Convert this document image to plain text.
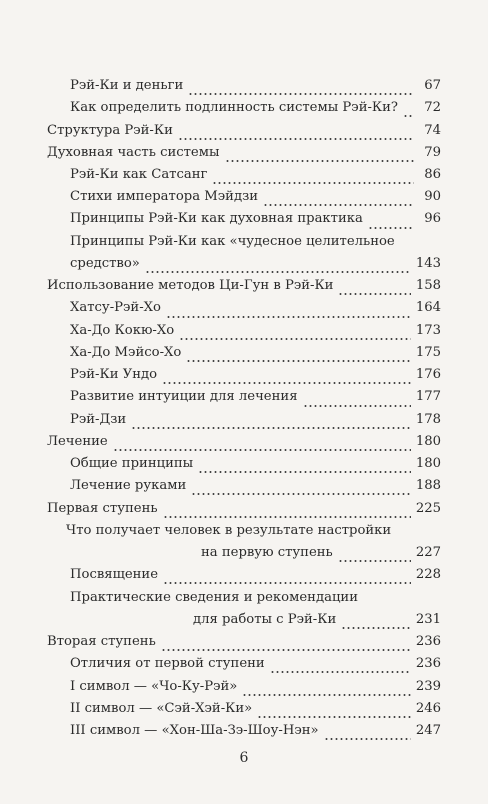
Рэй-Ки и деньги	67
Как определить подлинность системы Рэй-Ки?	72
Структура Рэй-Ки	74
Духовная часть системы	79
Рэй-Ки как Сатсанг	86
Стихи императора Мэйдзи	90
Принципы Рэй-Ки как духовная практика	96
Принципы Рэй-Ки как «чудесное целительное
средство»	143
Использование методов Ци-Гун в Рэй-Ки	158
Хатсу-Рэй-Хо	164
Ха-До Кокю-Хо	173
Ха-До Мэйсо-Хо	175
Рэй-Ки Ундо	176
Развитие интуиции для лечения	177
Рэй-Дзи	178
Лечение	180
Общие принципы	180
Лечение руками	188
Первая ступень	225
Что получает человек в результате настройки
на первую ступень	227
Посвящение	228
Практические сведения и рекомендации
для работы с Рэй-Ки	231
Вторая ступень	236
Отличия от первой ступени	236
I символ — «Чо-Ку-Рэй»	239
II символ — «Сэй-Хэй-Ки»	246
III символ — «Хон-Ша-Зэ-Шоу-Нэн»	247
6
